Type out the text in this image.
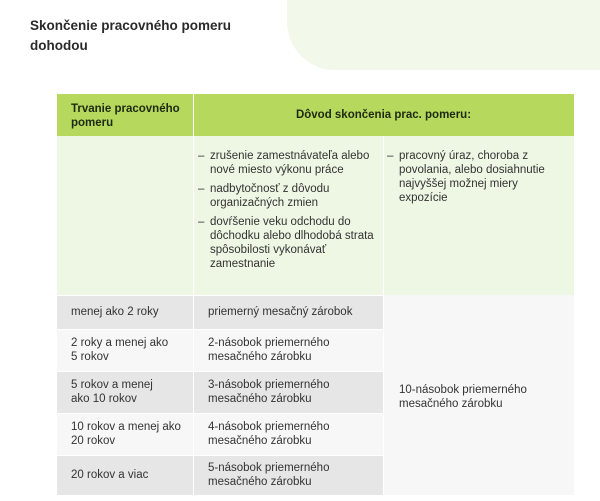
Skončenie pracovného pomeru dohodou
Trvanie pracovného pomeru
Dôvod skončenia prac. pomeru:
– zrušenie zamestnávateľa alebo nové miesto výkonu práce
– nadbytočnosť z dôvodu organizačných zmien
– dovŕšenie veku odchodu do dôchodku alebo dlhodobá strata spôsobilosti vykonávať zamestnanie
– pracovný úraz, choroba z povolania, alebo dosiahnutie najvyššej možnej miery expozície
menej ako 2 roky
2 roky a menej ako 5 rokov
5 rokov a menej ako 10 rokov
10 rokov a menej ako 20 rokov
20 rokov a viac
priemerný mesačný zárobok
2-násobok priemerného mesačného zárobku
3-násobok priemerného mesačného zárobku
4-násobok priemerného mesačného zárobku
5-násobok priemerného mesačného zárobku
10-násobok priemerného mesačného zárobku
